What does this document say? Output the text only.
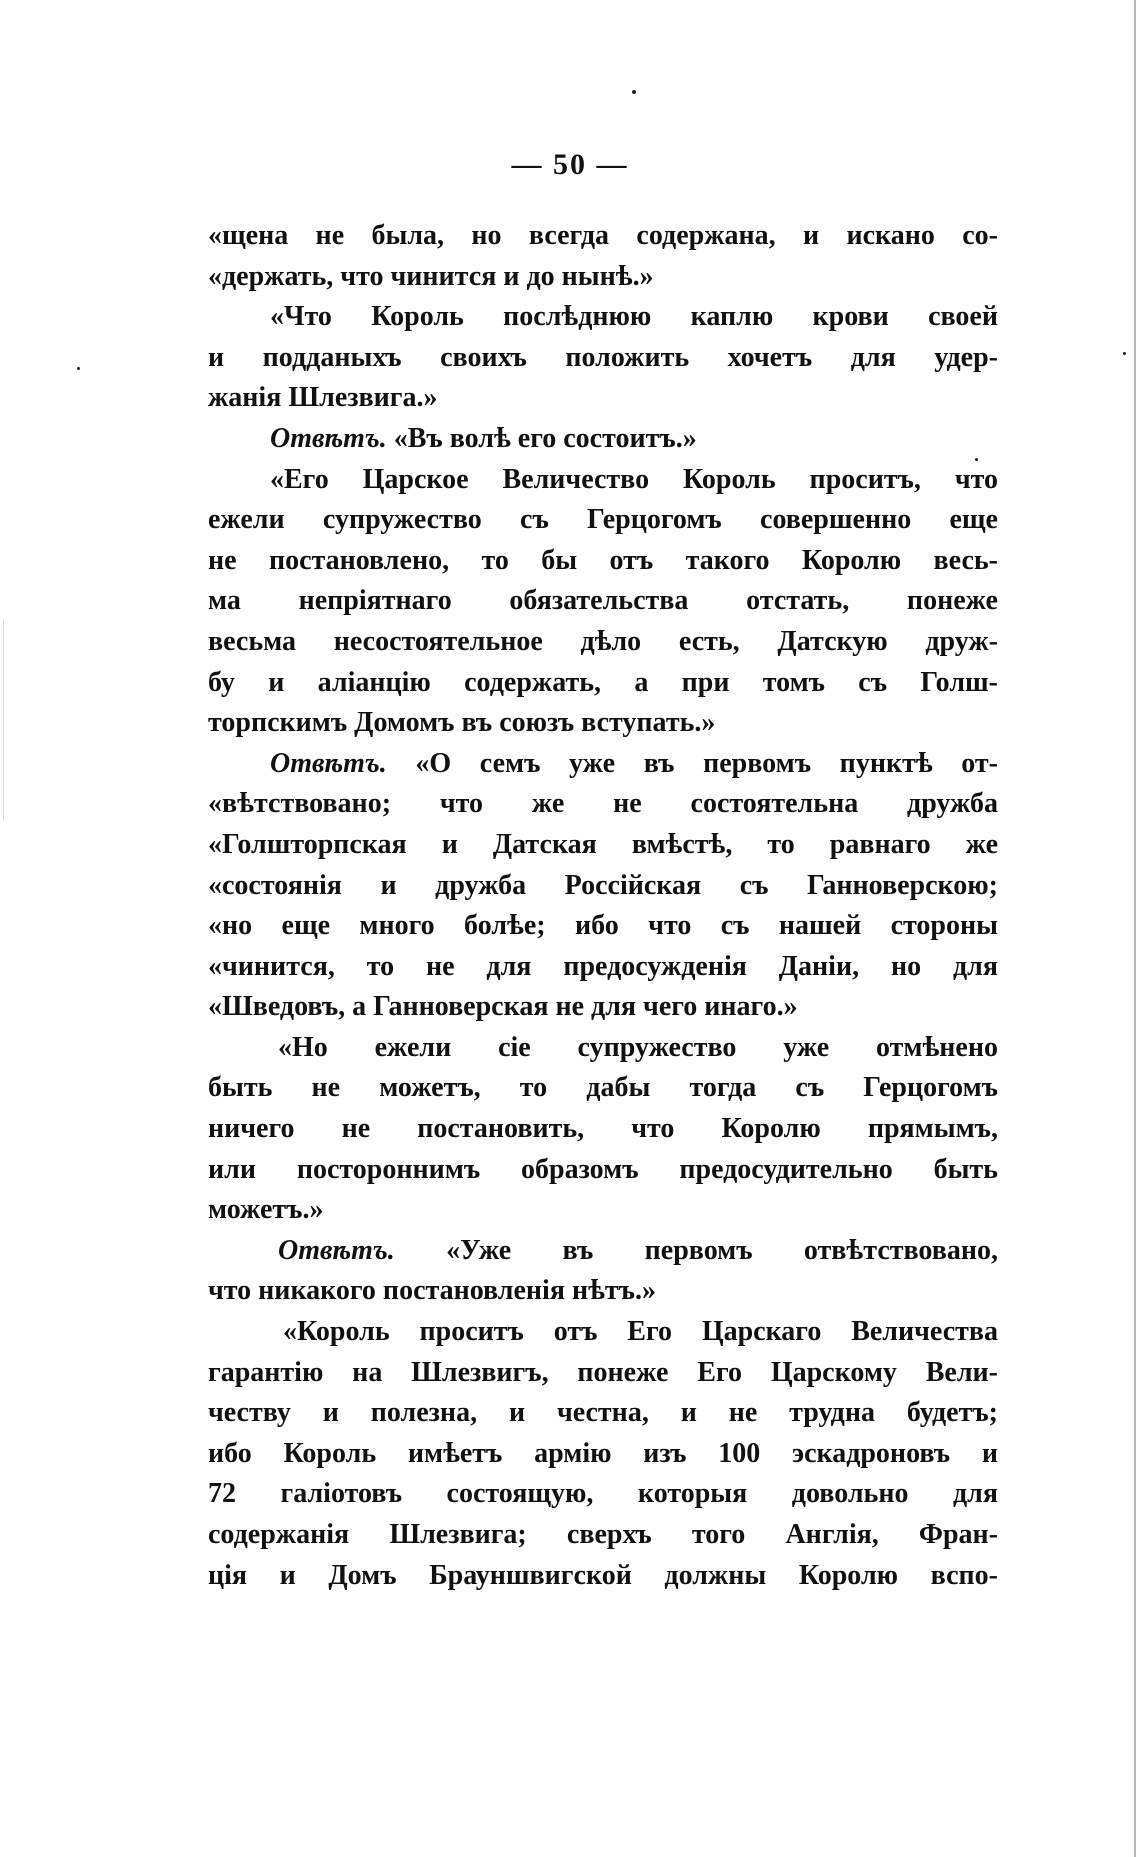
— 50 —
«щена не была, но всегда содержана, и искано со-
«держать, что чинится и до нынѣ.»
«Что Король послѣднюю каплю крови своей
и подданыхъ своихъ положить хочетъ для удер-
жанія Шлезвига.»
Отвѣтъ. «Въ волѣ его состоитъ.»
«Его Царское Величество Король проситъ, что
ежели супружество съ Герцогомъ совершенно еще
не постановлено, то бы отъ такого Королю весь-
ма непріятнаго обязательства отстать, понеже
весьма несостоятельное дѣло есть, Датскую друж-
бу и аліанцію содержать, а при томъ съ Голш-
торпскимъ Домомъ въ союзъ вступать.»
Отвѣтъ. «О семъ уже въ первомъ пунктѣ от-
«вѣтствовано; что же не состоятельна дружба
«Голшторпская и Датская вмѣстѣ, то равнаго же
«состоянія и дружба Россійская съ Ганноверскою;
«но еще много болѣе; ибо что съ нашей стороны
«чинится, то не для предосужденія Даніи, но для
«Шведовъ, а Ганноверская не для чего инаго.»
«Но ежели сіе супружество уже отмѣнено
быть не можетъ, то дабы тогда съ Герцогомъ
ничего не постановить, что Королю прямымъ,
или постороннимъ образомъ предосудительно быть
можетъ.»
Отвѣтъ. «Уже въ первомъ отвѣтствовано,
что никакого постановленія нѣтъ.»
«Король проситъ отъ Его Царскаго Величества
гарантію на Шлезвигъ, понеже Его Царскому Вели-
честву и полезна, и честна, и не трудна будетъ;
ибо Король имѣетъ армію изъ 100 эскадроновъ и
72 галіотовъ состоящую, которыя довольно для
содержанія Шлезвига; сверхъ того Англія, Фран-
ція и Домъ Брауншвигской должны Королю вспо-
